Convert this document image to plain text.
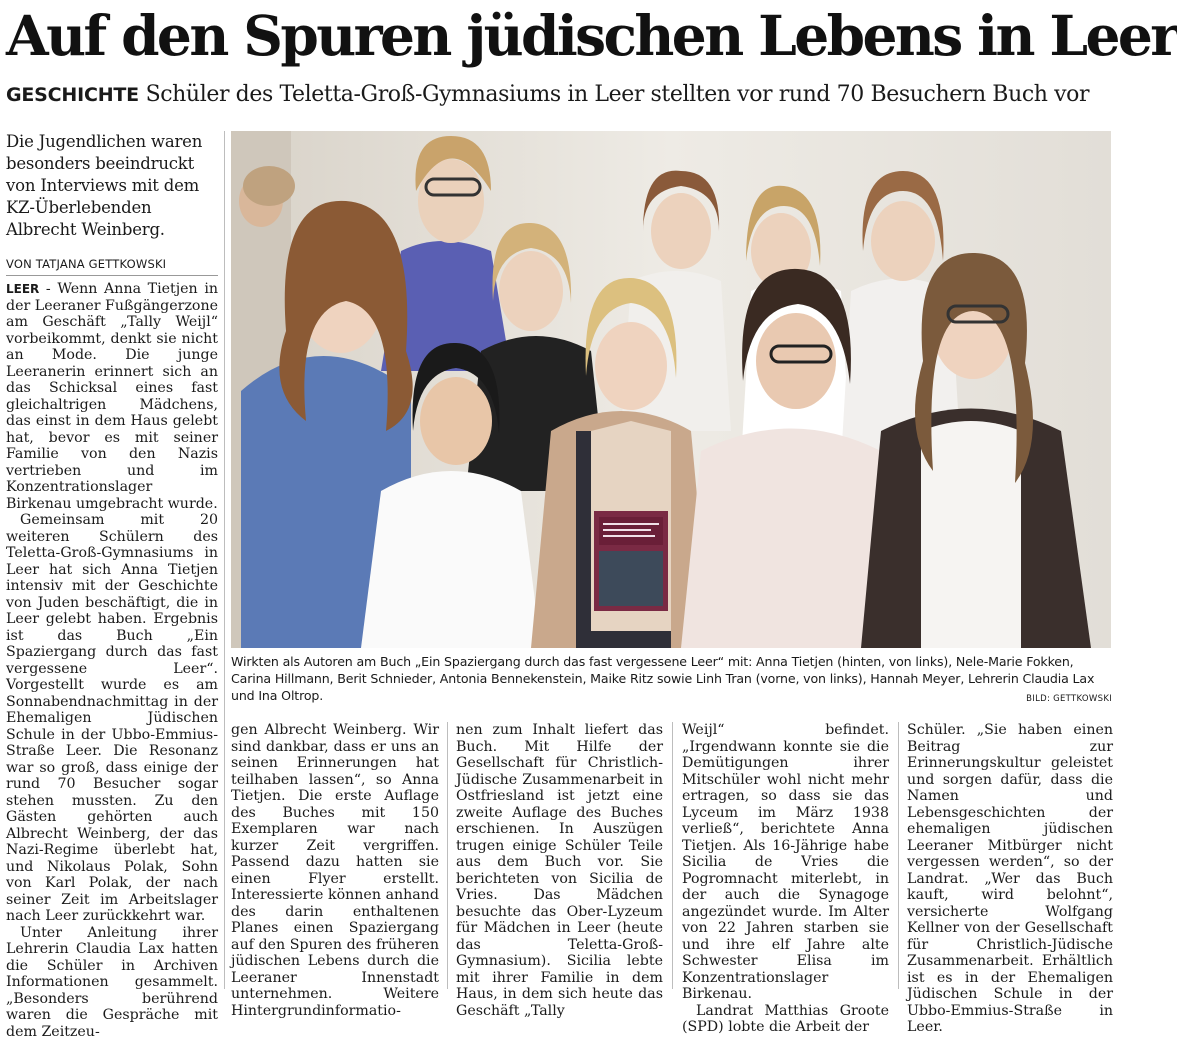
Auf den Spuren jüdischen Lebens in Leer
GESCHICHTE Schüler des Teletta-Groß-Gymnasiums in Leer stellten vor rund 70 Besuchern Buch vor
Die Jugendlichen waren besonders beeindruckt von Interviews mit dem KZ-Überlebenden Albrecht Weinberg.
VON TATJANA GETTKOWSKI

LEER - Wenn Anna Tietjen in der Leeraner Fußgängerzone am Geschäft „Tally Weijl“ vorbeikommt, denkt sie nicht an Mode. Die junge Leeranerin erinnert sich an das Schicksal eines fast gleichaltrigen Mädchens, das einst in dem Haus gelebt hat, bevor es mit seiner Familie von den Nazis vertrieben und im Konzentrationslager Birkenau umgebracht wurde.

Gemeinsam mit 20 weiteren Schülern des Teletta-Groß-Gymnasiums in Leer hat sich Anna Tietjen intensiv mit der Geschichte von Juden beschäftigt, die in Leer gelebt haben. Ergebnis ist das Buch „Ein Spaziergang durch das fast vergessene Leer“. Vorgestellt wurde es am Sonnabendnachmittag in der Ehemaligen Jüdischen Schule in der Ubbo-Emmius-Straße Leer. Die Resonanz war so groß, dass einige der rund 70 Besucher sogar stehen mussten. Zu den Gästen gehörten auch Albrecht Weinberg, der das Nazi-Regime überlebt hat, und Nikolaus Polak, Sohn von Karl Polak, der nach seiner Zeit im Arbeitslager nach Leer zurückkehrt war.

Unter Anleitung ihrer Lehrerin Claudia Lax hatten die Schüler in Archiven Informationen gesammelt. „Besonders berührend waren die Gespräche mit dem Zeitzeu-

Wirkten als Autoren am Buch „Ein Spaziergang durch das fast vergessene Leer“ mit: Anna Tietjen (hinten, von links), Nele-Marie Fokken, Carina Hillmann, Berit Schnieder, Antonia Bennekenstein, Maike Ritz sowie Linh Tran (vorne, von links), Hannah Meyer, Lehrerin Claudia Lax und Ina Oltrop.	BILD: GETTKOWSKI

gen Albrecht Weinberg. Wir sind dankbar, dass er uns an seinen Erinnerungen hat teilhaben lassen“, so Anna Tietjen. Die erste Auflage des Buches mit 150 Exemplaren war nach kurzer Zeit vergriffen. Passend dazu hatten sie einen Flyer erstellt. Interessierte können anhand des darin enthaltenen Planes einen Spaziergang auf den Spuren des früheren jüdischen Lebens durch die Leeraner Innenstadt unternehmen. Weitere Hintergrundinformatio-

nen zum Inhalt liefert das Buch. Mit Hilfe der Gesellschaft für Christlich-Jüdische Zusammenarbeit in Ostfriesland ist jetzt eine zweite Auflage des Buches erschienen. In Auszügen trugen einige Schüler Teile aus dem Buch vor. Sie berichteten von Sicilia de Vries. Das Mädchen besuchte das Ober-Lyzeum für Mädchen in Leer (heute das Teletta-Groß-Gymnasium). Sicilia lebte mit ihrer Familie in dem Haus, in dem sich heute das Geschäft „Tally

Weijl“ befindet. „Irgendwann konnte sie die Demütigungen ihrer Mitschüler wohl nicht mehr ertragen, so dass sie das Lyceum im März 1938 verließ“, berichtete Anna Tietjen. Als 16-Jährige habe Sicilia de Vries die Pogromnacht miterlebt, in der auch die Synagoge angezündet wurde. Im Alter von 22 Jahren starben sie und ihre elf Jahre alte Schwester Elisa im Konzentrationslager Birkenau.

Landrat Matthias Groote (SPD) lobte die Arbeit der

Schüler. „Sie haben einen Beitrag zur Erinnerungskultur geleistet und sorgen dafür, dass die Namen und Lebensgeschichten der ehemaligen jüdischen Leeraner Mitbürger nicht vergessen werden“, so der Landrat. „Wer das Buch kauft, wird belohnt“, versicherte Wolfgang Kellner von der Gesellschaft für Christlich-Jüdische Zusammenarbeit. Erhältlich ist es in der Ehemaligen Jüdischen Schule in der Ubbo-Emmius-Straße in Leer.
